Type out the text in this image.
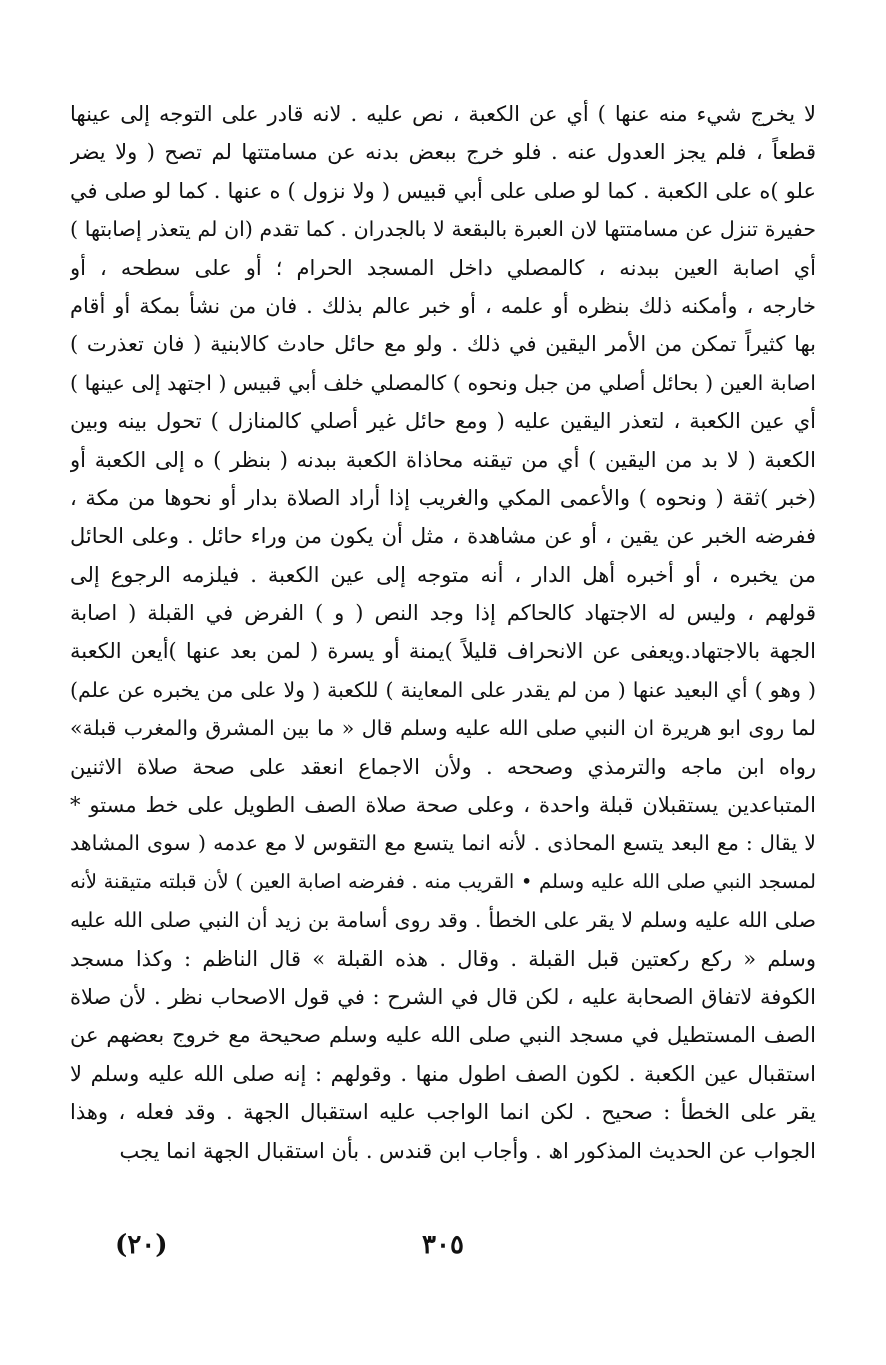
لا يخرج شيء منه عنها ) أي عن الكعبة ، نص عليه . لانه قادر على التوجه إلى عينها
قطعاً ، فلم يجز العدول عنه . فلو خرج ببعض بدنه عن مسامتتها لم تصح ( ولا يضر
علو )ه على الكعبة . كما لو صلى على أبي قبيس ( ولا نزول ) ه عنها . كما لو صلى في
حفيرة تنزل عن مسامتتها لان العبرة بالبقعة لا بالجدران . كما تقدم (ان لم يتعذر إصابتها )
أي اصابة العين ببدنه ، كالمصلي داخل المسجد الحرام ؛ أو على سطحه ، أو
خارجه ، وأمكنه ذلك بنظره أو علمه ، أو خبر عالم بذلك . فان من نشأ بمكة أو أقام
بها كثيراً تمكن من الأمر اليقين في ذلك . ولو مع حائل حادث كالابنية ( فان تعذرت )
اصابة العين ( بحائل أصلي من جبل ونحوه ) كالمصلي خلف أبي قبيس ( اجتهد إلى عينها )
أي عين الكعبة ، لتعذر اليقين عليه ( ومع حائل غير أصلي كالمنازل ) تحول بينه وبين
الكعبة ( لا بد من اليقين ) أي من تيقنه محاذاة الكعبة ببدنه ( بنظر ) ه إلى الكعبة أو
(خبر )ثقة ( ونحوه ) والأعمى المكي والغريب إذا أراد الصلاة بدار أو نحوها من مكة ،
ففرضه الخبر عن يقين ، أو عن مشاهدة ، مثل أن يكون من وراء حائل . وعلى الحائل
من يخبره ، أو أخبره أهل الدار ، أنه متوجه إلى عين الكعبة . فيلزمه الرجوع إلى
قولهم ، وليس له الاجتهاد كالحاكم إذا وجد النص ( و ) الفرض في القبلة ( اصابة
الجهة بالاجتهاد.ويعفى عن الانحراف قليلاً )يمنة أو يسرة ( لمن بعد عنها )أيعن الكعبة
( وهو ) أي البعيد عنها ( من لم يقدر على المعاينة ) للكعبة ( ولا على من يخبره عن علم)
لما روى ابو هريرة ان النبي صلى الله عليه وسلم قال « ما بين المشرق والمغرب قبلة»
رواه ابن ماجه والترمذي وصححه . ولأن الاجماع انعقد على صحة صلاة الاثنين
المتباعدين يستقبلان قبلة واحدة ، وعلى صحة صلاة الصف الطويل على خط مستو *
لا يقال : مع البعد يتسع المحاذى . لأنه انما يتسع مع التقوس لا مع عدمه ( سوى المشاهد
لمسجد النبي صلى الله عليه وسلم • القريب منه . ففرضه اصابة العين ) لأن قبلته متيقنة لأنه
صلى الله عليه وسلم لا يقر على الخطأ . وقد روى أسامة بن زيد أن النبي صلى الله عليه
وسلم « ركع ركعتين قبل القبلة . وقال . هذه القبلة » قال الناظم : وكذا مسجد
الكوفة لاتفاق الصحابة عليه ، لكن قال في الشرح : في قول الاصحاب نظر . لأن صلاة
الصف المستطيل في مسجد النبي صلى الله عليه وسلم صحيحة مع خروج بعضهم عن
استقبال عين الكعبة . لكون الصف اطول منها . وقولهم : إنه صلى الله عليه وسلم لا
يقر على الخطأ : صحيح . لكن انما الواجب عليه استقبال الجهة . وقد فعله ، وهذا
الجواب عن الحديث المذكور اھ . وأجاب ابن قندس . بأن استقبال الجهة انما يجب
٣٠٥
(٢٠)
